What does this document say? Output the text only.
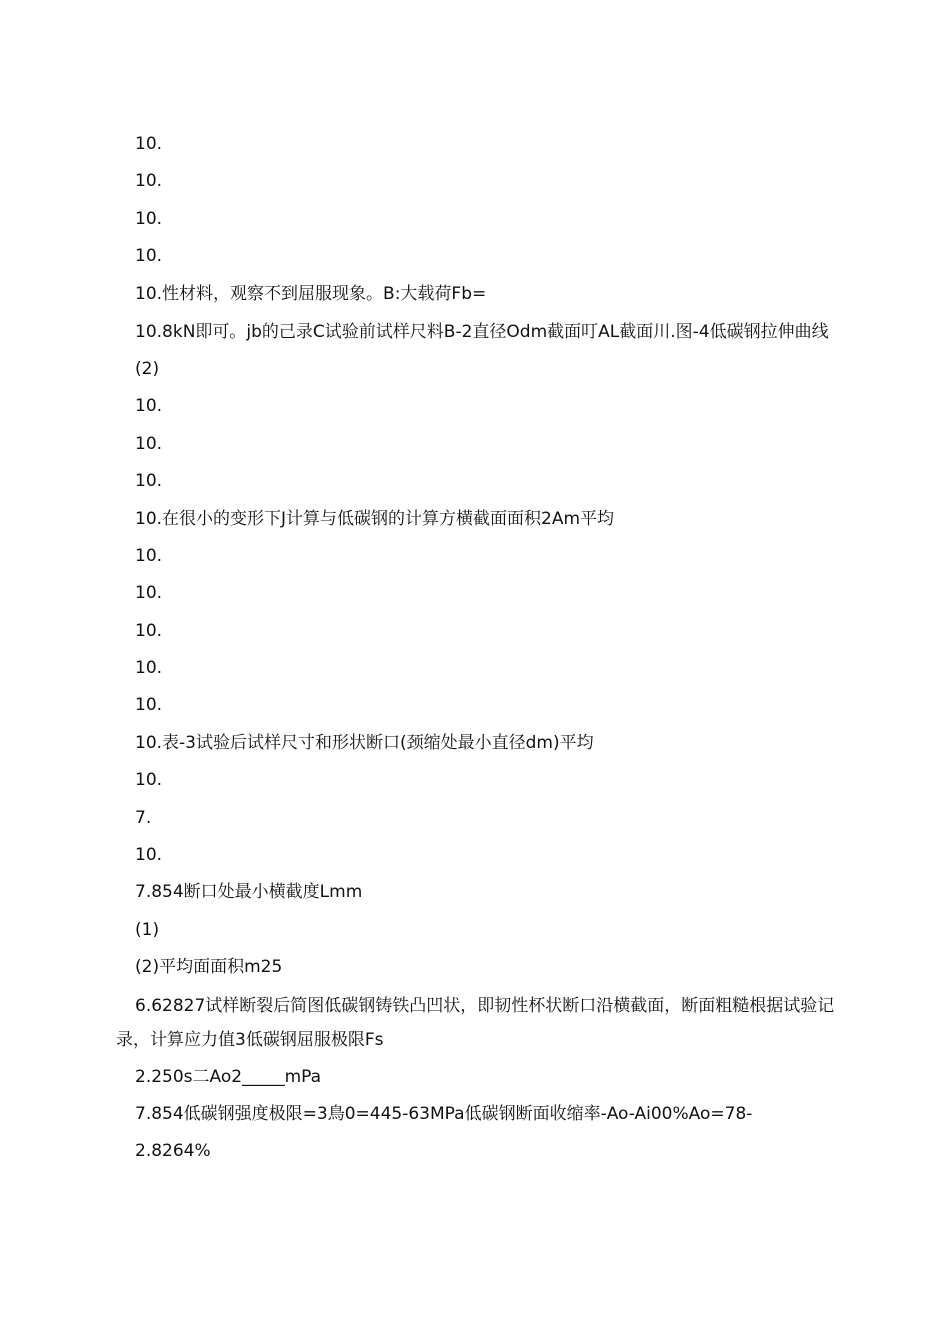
10.
10.
10.
10.
10.性材料，观察不到屈服现象。B:大载荷Fb=
10.8kN即可。jb的己录C试验前试样尺料B-2直径Odm截面叮AL截面川.图-4低碳钢拉伸曲线
(2)
10.
10.
10.
10.在很小的变形下J计算与低碳钢的计算方横截面面积2Am平均
10.
10.
10.
10.
10.
10.表-3试验后试样尺寸和形状断口(颈缩处最小直径dm)平均
10.
7.
10.
7.854断口处最小横截度Lmm
(1)
(2)平均面面积m25
6.62827试样断裂后简图低碳钢铸铁凸凹状，即韧性杯状断口沿横截面，断面粗糙根据试验记录，计算应力值3低碳钢屈服极限Fs
2.250s二Ao2_____mPa
7.854低碳钢强度极限=3鳥0=445-63MPa低碳钢断面收缩率-Ao-Ai00%Ao=78-
2.8264%
